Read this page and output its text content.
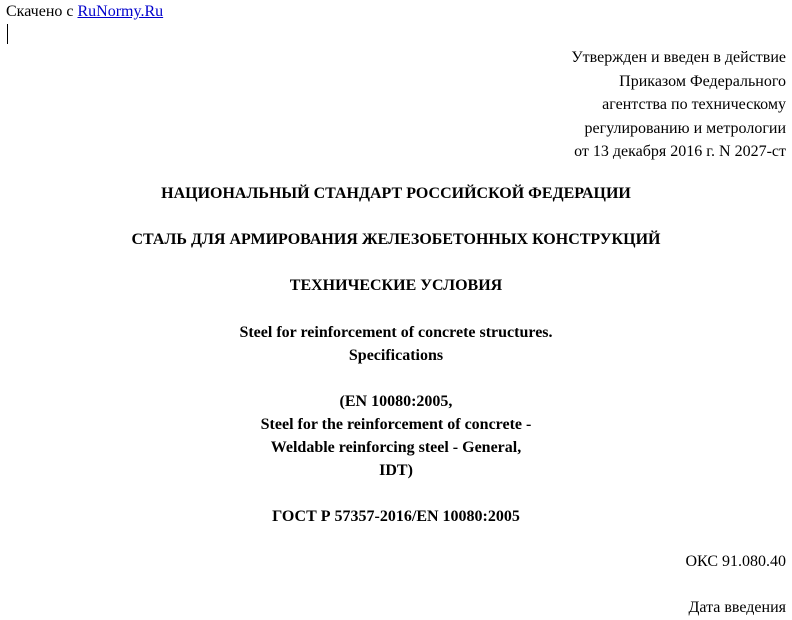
Скачено с RuNormy.Ru
Утвержден и введен в действие
Приказом Федерального
агентства по техническому
регулированию и метрологии
от 13 декабря 2016 г. N 2027-ст
НАЦИОНАЛЬНЫЙ СТАНДАРТ РОССИЙСКОЙ ФЕДЕРАЦИИ
СТАЛЬ ДЛЯ АРМИРОВАНИЯ ЖЕЛЕЗОБЕТОННЫХ КОНСТРУКЦИЙ
ТЕХНИЧЕСКИЕ УСЛОВИЯ
Steel for reinforcement of concrete structures.
Specifications
(EN 10080:2005,
Steel for the reinforcement of concrete -
Weldable reinforcing steel - General,
IDT)
ГОСТ Р 57357-2016/EN 10080:2005
ОКС 91.080.40
Дата введения
